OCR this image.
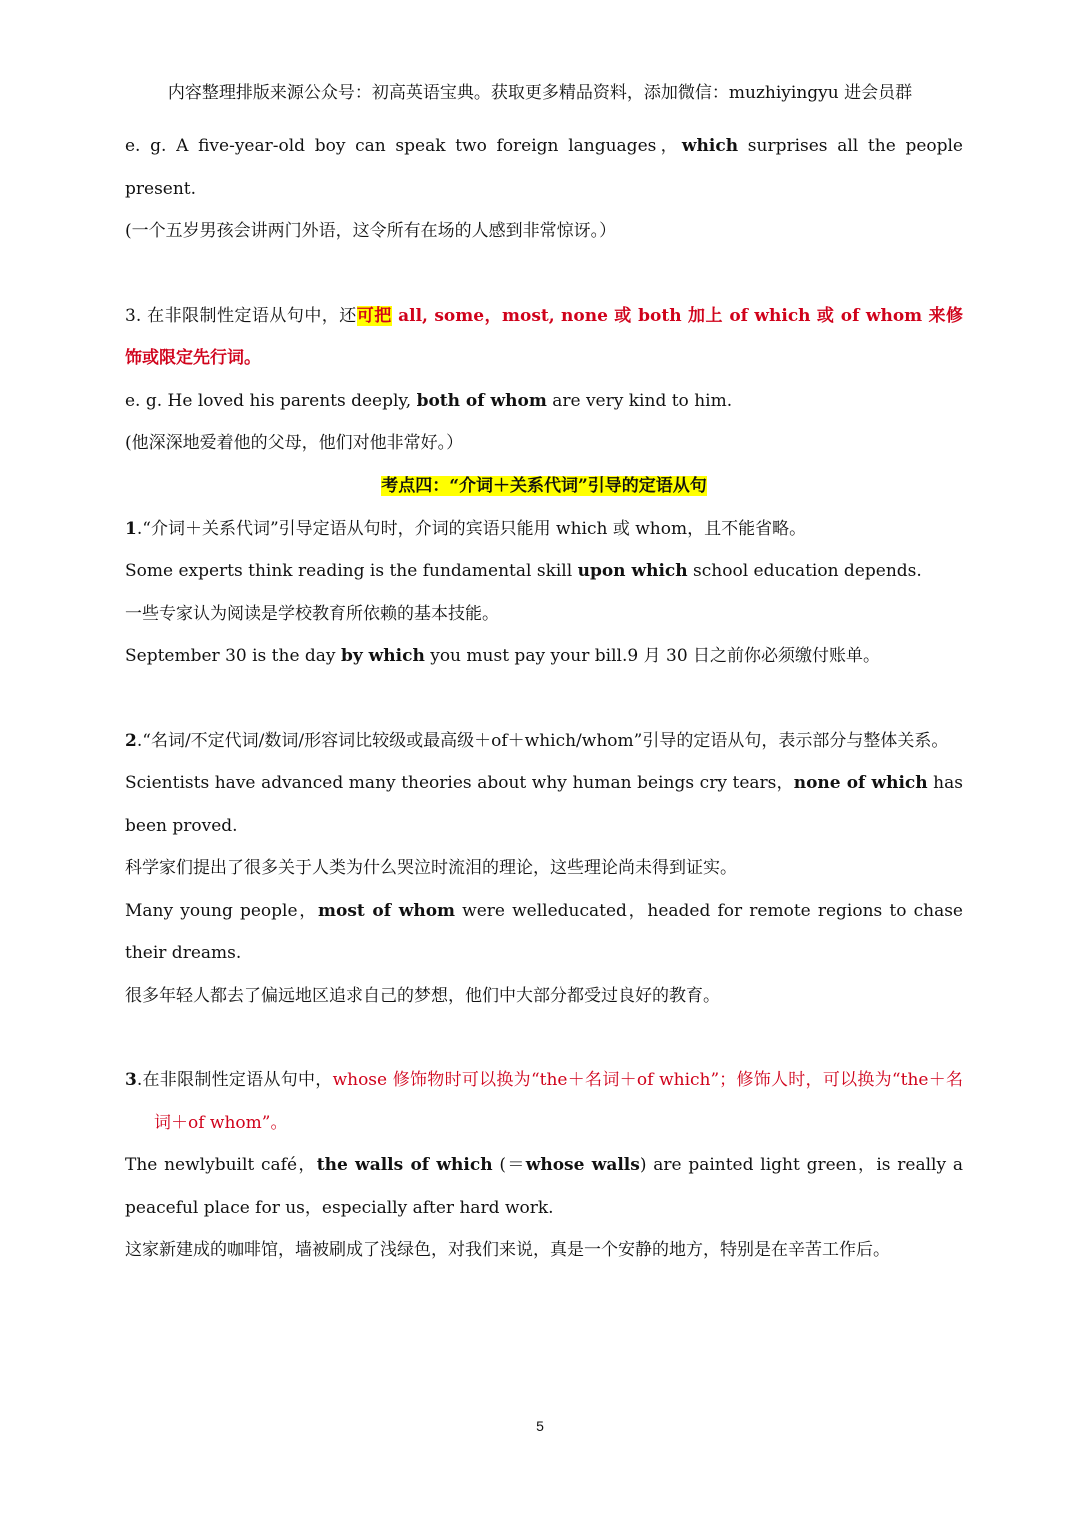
内容整理排版来源公众号：初高英语宝典。获取更多精品资料，添加微信：muzhiyingyu 进会员群

e. g. A five-year-old boy can speak two foreign languages，which surprises all the people present.

(一个五岁男孩会讲两门外语，这令所有在场的人感到非常惊讶。）

3. 在非限制性定语从句中，还可把 all, some，most, none 或 both 加上 of which 或 of whom 来修饰或限定先行词。

e. g. He loved his parents deeply, both of whom are very kind to him.

(他深深地爱着他的父母，他们对他非常好。）

考点四：“介词＋关系代词”引导的定语从句

1.“介词＋关系代词”引导定语从句时，介词的宾语只能用 which 或 whom，且不能省略。

Some experts think reading is the fundamental skill upon which school education depends.

一些专家认为阅读是学校教育所依赖的基本技能。

September 30 is the day by which you must pay your bill.9 月 30 日之前你必须缴付账单。

2.“名词/不定代词/数词/形容词比较级或最高级＋of＋which/whom”引导的定语从句，表示部分与整体关系。

Scientists have advanced many theories about why human beings cry tears，none of which has been proved.

科学家们提出了很多关于人类为什么哭泣时流泪的理论，这些理论尚未得到证实。

Many young people，most of whom were welleducated，headed for remote regions to chase their dreams.

很多年轻人都去了偏远地区追求自己的梦想，他们中大部分都受过良好的教育。

3.在非限制性定语从句中，whose 修饰物时可以换为“the＋名词＋of which”；修饰人时，可以换为“the＋名词＋of whom”。

The newlybuilt café，the walls of which (＝whose walls) are painted light green，is really a peaceful place for us，especially after hard work.

这家新建成的咖啡馆，墙被刷成了浅绿色，对我们来说，真是一个安静的地方，特别是在辛苦工作后。

5
